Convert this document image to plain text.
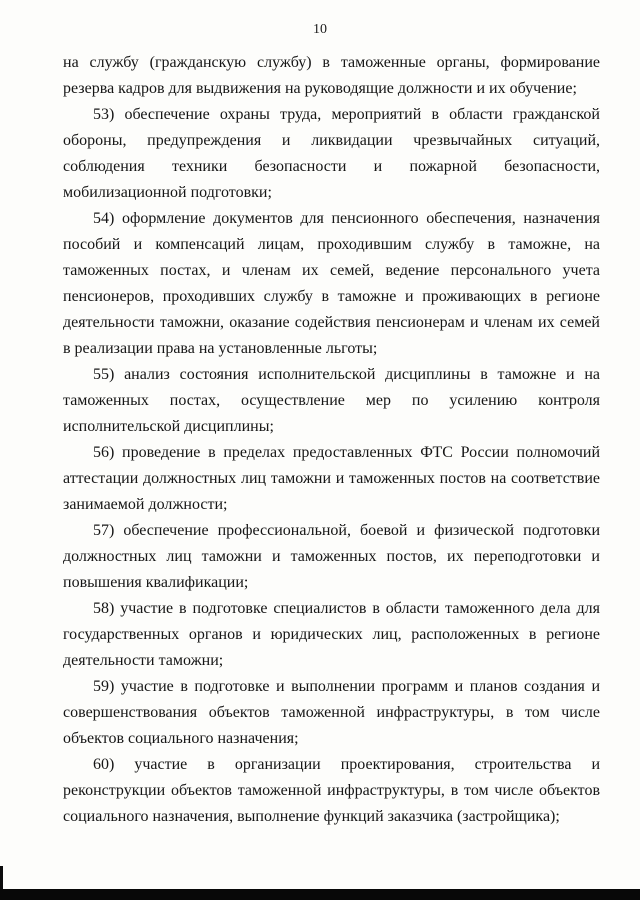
10

на службу (гражданскую службу) в таможенные органы, формирование резерва кадров для выдвижения на руководящие должности и их обучение;

53) обеспечение охраны труда, мероприятий в области гражданской обороны, предупреждения и ликвидации чрезвычайных ситуаций, соблюдения техники безопасности и пожарной безопасности, мобилизационной подготовки;

54) оформление документов для пенсионного обеспечения, назначения пособий и компенсаций лицам, проходившим службу в таможне, на таможенных постах, и членам их семей, ведение персонального учета пенсионеров, проходивших службу в таможне и проживающих в регионе деятельности таможни, оказание содействия пенсионерам и членам их семей в реализации права на установленные льготы;

55) анализ состояния исполнительской дисциплины в таможне и на таможенных постах, осуществление мер по усилению контроля исполнительской дисциплины;

56) проведение в пределах предоставленных ФТС России полномочий аттестации должностных лиц таможни и таможенных постов на соответствие занимаемой должности;

57) обеспечение профессиональной, боевой и физической подготовки должностных лиц таможни и таможенных постов, их переподготовки и повышения квалификации;

58) участие в подготовке специалистов в области таможенного дела для государственных органов и юридических лиц, расположенных в регионе деятельности таможни;

59) участие в подготовке и выполнении программ и планов создания и совершенствования объектов таможенной инфраструктуры, в том числе объектов социального назначения;

60) участие в организации проектирования, строительства и реконструкции объектов таможенной инфраструктуры, в том числе объектов социального назначения, выполнение функций заказчика (застройщика);
